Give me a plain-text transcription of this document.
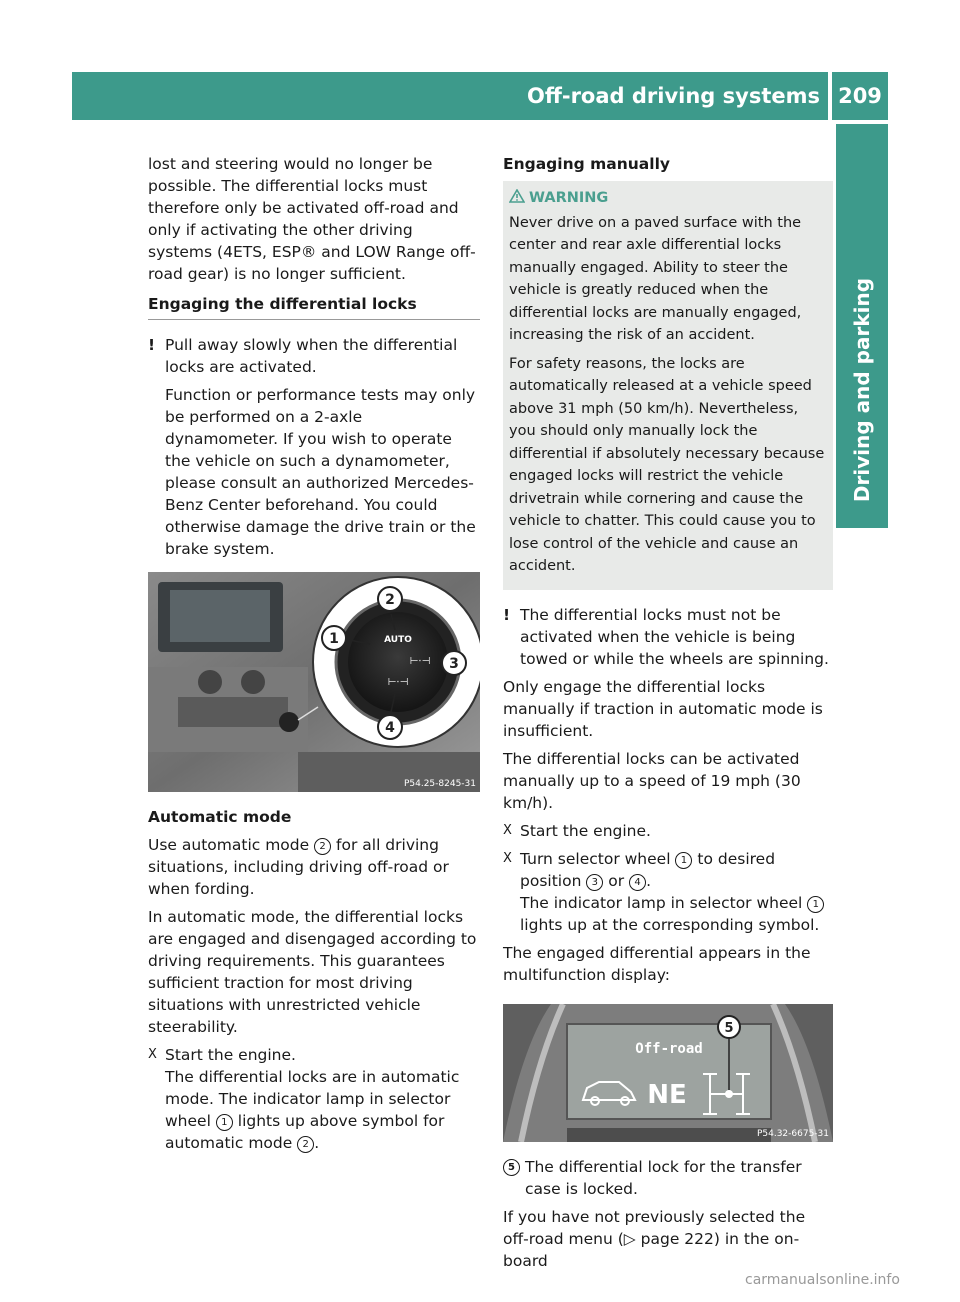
Off-road driving systems 209
Driving and parking

lost and steering would no longer be possible. The differential locks must therefore only be activated off-road and only if activating the other driving systems (4ETS, ESP® and LOW Range off-road gear) is no longer sufficient.

Engaging the differential locks
! Pull away slowly when the differential locks are activated.

Function or performance tests may only be performed on a 2-axle dynamometer. If you wish to operate the vehicle on such a dynamometer, please consult an authorized Mercedes-Benz Center beforehand. You could otherwise damage the drive train or the brake system.

AUTO
⊢⋅⊣
⊢⋅⊣
1
2
3
4
P54.25-8245-31
Automatic mode

Use automatic mode 2 for all driving situations, including driving off-road or when fording.

In automatic mode, the differential locks are engaged and disengaged according to driving requirements. This guarantees sufficient traction for most driving situations with unrestricted vehicle steerability.

X Start the engine.
The differential locks are in automatic mode. The indicator lamp in selector wheel 1 lights up above symbol for automatic mode 2 .
Engaging manually
WARNING

Never drive on a paved surface with the center and rear axle differential locks manually engaged. Ability to steer the vehicle is greatly reduced when the differential locks are manually engaged, increasing the risk of an accident.

For safety reasons, the locks are automatically released at a vehicle speed above 31 mph (50 km/h). Nevertheless, you should only manually lock the differential if absolutely necessary because engaged locks will restrict the vehicle drivetrain while cornering and cause the vehicle to chatter. This could cause you to lose control of the vehicle and cause an accident.

! The differential locks must not be activated when the vehicle is being towed or while the wheels are spinning.

Only engage the differential locks manually if traction in automatic mode is insufficient.

The differential locks can be activated manually up to a speed of 19 mph (30 km/h).

X Start the engine.
X Turn selector wheel 1 to desired position 3 or 4 .
The indicator lamp in selector wheel 1 lights up at the corresponding symbol.

The engaged differential appears in the multifunction display:

Off-road
NE
5
P54.32-6675-31
5 The differential lock for the transfer case is locked.

If you have not previously selected the off-road menu (▷ page 222) in the on-board

carmanualsonline.info
